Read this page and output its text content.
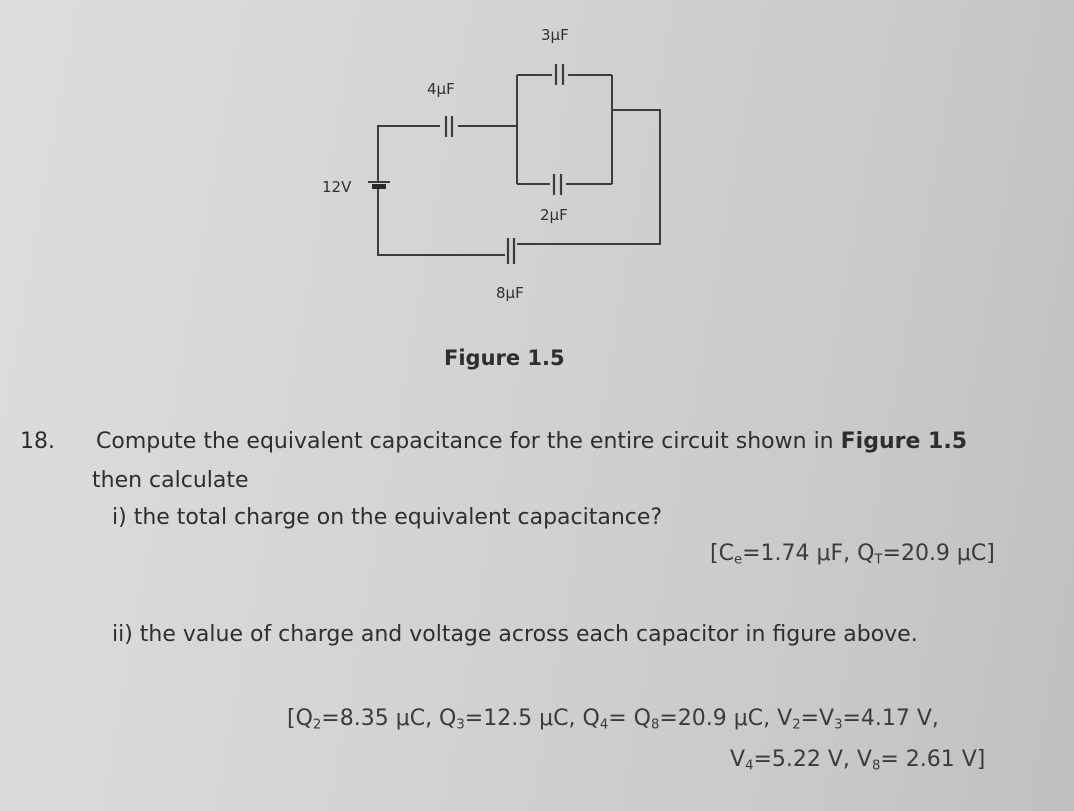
12V
4μF
3μF
2μF
8μF
Figure 1.5
18. Compute the equivalent capacitance for the entire circuit shown in Figure 1.5
then calculate
i) the total charge on the equivalent capacitance?
[$C_e=1.74$ μF, $Q_T=20.9$ μC]
ii) the value of charge and voltage across each capacitor in figure above.
[$Q_2=8.35$ μC, $Q_3=12.5$ μC, $Q_4= Q_8=20.9$ μC, $V_2=V_3=4.17$ V,
$V_4=5.22$ V, $V_8= 2.61$ V]
